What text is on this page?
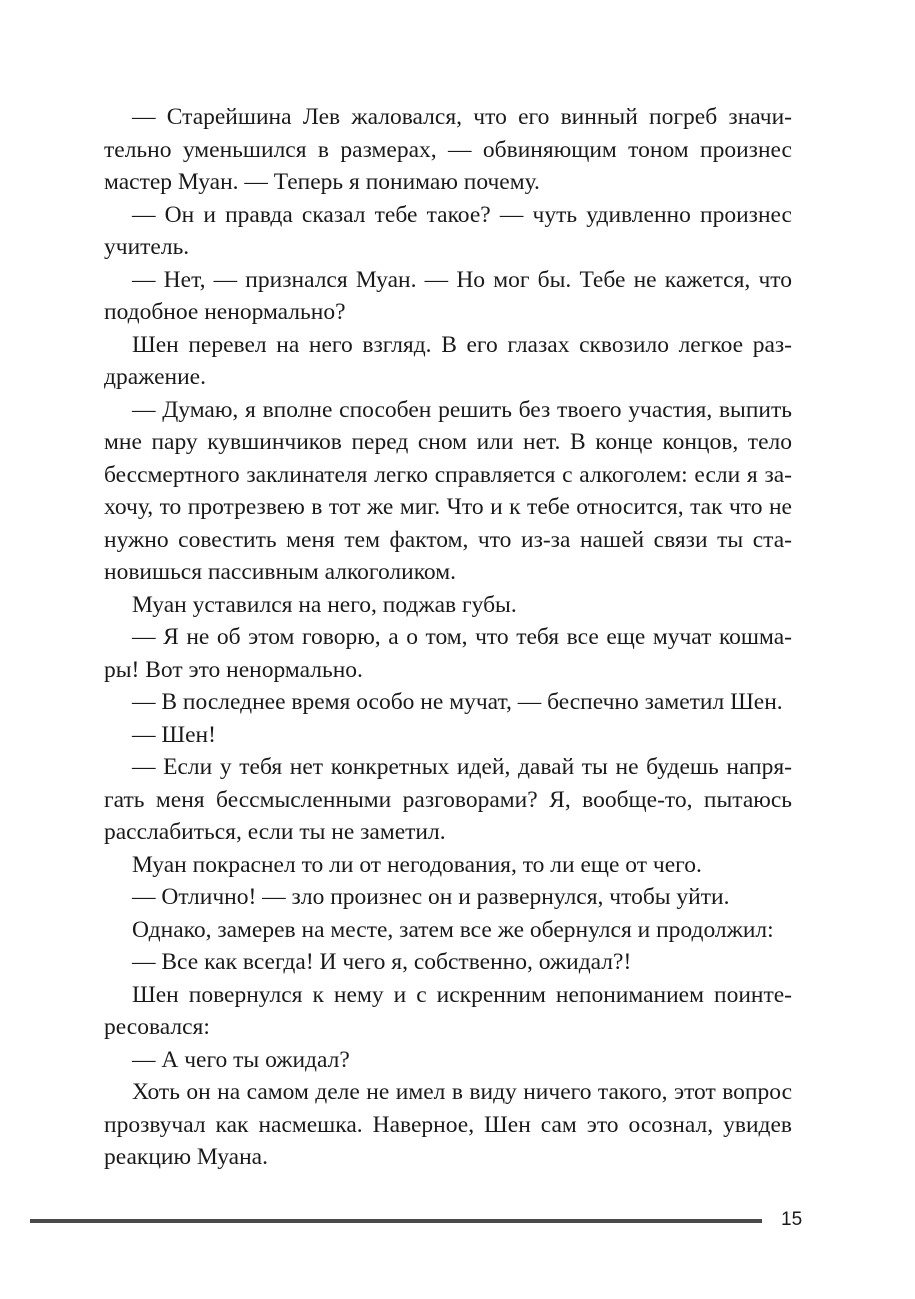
— Старейшина Лев жаловался, что его винный погреб значительно уменьшился в размерах, — обвиняющим тоном произнес мастер Муан. — Теперь я понимаю почему.

— Он и правда сказал тебе такое? — чуть удивленно произнес учитель.

— Нет, — признался Муан. — Но мог бы. Тебе не кажется, что подобное ненормально?

Шен перевел на него взгляд. В его глазах сквозило легкое раздражение.

— Думаю, я вполне способен решить без твоего участия, выпить мне пару кувшинчиков перед сном или нет. В конце концов, тело бессмертного заклинателя легко справляется с алкоголем: если я захочу, то протрезвею в тот же миг. Что и к тебе относится, так что не нужно совестить меня тем фактом, что из-за нашей связи ты становишься пассивным алкоголиком.

Муан уставился на него, поджав губы.

— Я не об этом говорю, а о том, что тебя все еще мучат кошмары! Вот это ненормально.

— В последнее время особо не мучат, — беспечно заметил Шен.

— Шен!

— Если у тебя нет конкретных идей, давай ты не будешь напрягать меня бессмысленными разговорами? Я, вообще-то, пытаюсь расслабиться, если ты не заметил.

Муан покраснел то ли от негодования, то ли еще от чего.

— Отлично! — зло произнес он и развернулся, чтобы уйти.

Однако, замерев на месте, затем все же обернулся и продолжил:

— Все как всегда! И чего я, собственно, ожидал?!

Шен повернулся к нему и с искренним непониманием поинтересовался:

— А чего ты ожидал?

Хоть он на самом деле не имел в виду ничего такого, этот вопрос прозвучал как насмешка. Наверное, Шен сам это осознал, увидев реакцию Муана.

15
